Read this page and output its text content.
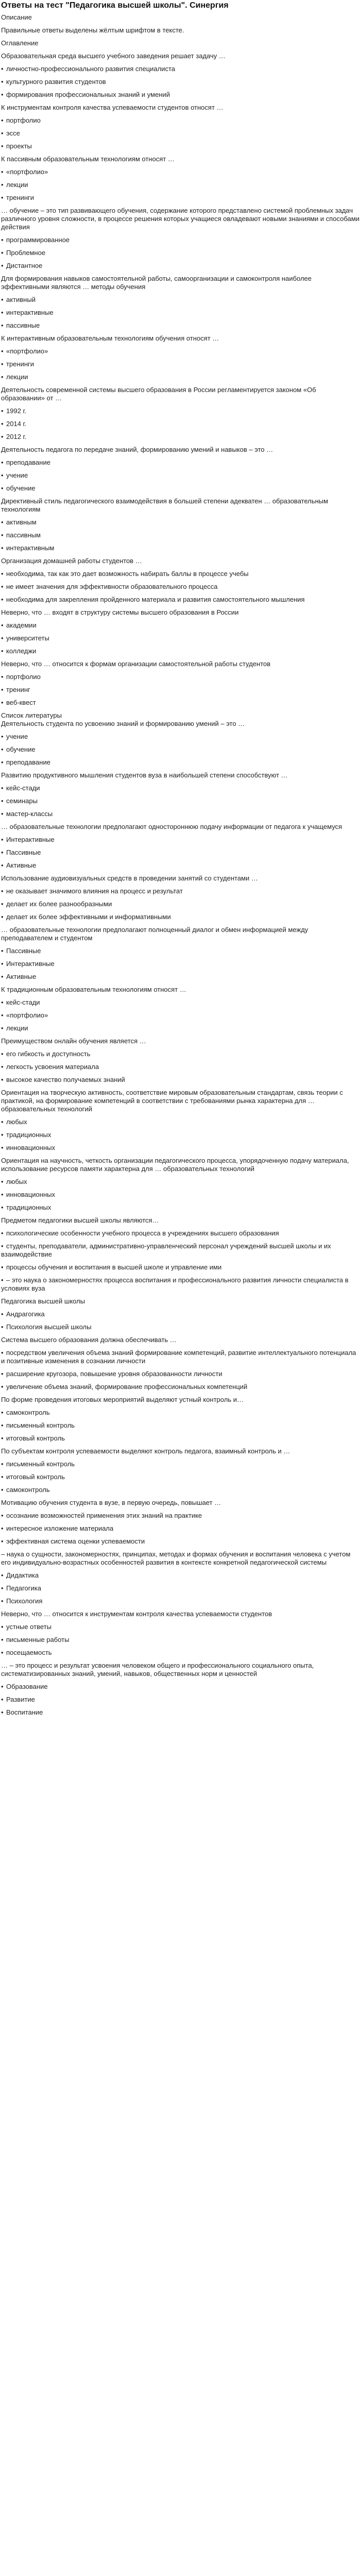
Ответы на тест "Педагогика высшей школы". Синергия

Описание

Правильные ответы выделены жёлтым шрифтом в тексте.

Оглавление

Образовательная среда высшего учебного заведения решает задачу …
• личностно-профессионального развития специалиста
• культурного развития студентов
• формирования профессиональных знаний и умений
К инструментам контроля качества успеваемости студентов относят …
• портфолио
• эссе
• проекты
К пассивным образовательным технологиям относят …
• «портфолио»
• лекции
• тренинги
… обучение – это тип развивающего обучения, содержание которого представлено системой проблемных задач различного уровня сложности, в процессе решения которых учащиеся овладевают новыми знаниями и способами действия
• программированное
• Проблемное
• Дистантное
Для формирования навыков самостоятельной работы, самоорганизации и самоконтроля наиболее эффективными являются … методы обучения
• активный
• интерактивные
• пассивные
К интерактивным образовательным технологиям обучения относят …
• «портфолио»
• тренинги
• лекции
Деятельность современной системы высшего образования в России регламентируется законом «Об образовании» от …
• 1992 г.
• 2014 г.
• 2012 г.
Деятельность педагога по передаче знаний, формированию умений и навыков – это …
• преподавание
• учение
• обучение
Директивный стиль педагогического взаимодействия в большей степени адекватен … образовательным технологиям
• активным
• пассивным
• интерактивным
Организация домашней работы студентов …
• необходима, так как это дает возможность набирать баллы в процессе учебы
• не имеет значения для эффективности образовательного процесса
• необходима для закрепления пройденного материала и развития самостоятельного мышления
Неверно, что … входят в структуру системы высшего образования в России
• академии
• университеты
• колледжи
Неверно, что … относится к формам организации самостоятельной работы студентов
• портфолио
• тренинг
• веб-квест
Список литературы
Деятельность студента по усвоению знаний и формированию умений – это …
• учение
• обучение
• преподавание
Развитию продуктивного мышления студентов вуза в наибольшей степени способствуют …
• кейс-стади
• семинары
• мастер-классы
… образовательные технологии предполагают одностороннюю подачу информации от педагога к учащемуся
• Интерактивные
• Пассивные
• Активные
Использование аудиовизуальных средств в проведении занятий со студентами …
• не оказывает значимого влияния на процесс и результат
• делает их более разнообразными
• делает их более эффективными и информативными
… образовательные технологии предполагают полноценный диалог и обмен информацией между преподавателем и студентом
• Пассивные
• Интерактивные
• Активные
К традиционным образовательным технологиям относят …
• кейс-стади
• «портфолио»
• лекции
Преимуществом онлайн обучения является …
• его гибкость и доступность
• легкость усвоения материала
• высокое качество получаемых знаний
Ориентация на творческую активность, соответствие мировым образовательным стандартам, связь теории с практикой, на формирование компетенций в соответствии с требованиями рынка характерна для … образовательных технологий
• любых
• традиционных
• инновационных
Ориентация на научность, четкость организации педагогического процесса, упорядоченную подачу материала, использование ресурсов памяти характерна для … образовательных технологий
• любых
• инновационных
• традиционных
Предметом педагогики высшей школы являются…
• психологические особенности учебного процесса в учреждениях высшего образования
• студенты, преподаватели, административно-управленческий персонал учреждений высшей школы и их взаимодействие
• процессы обучения и воспитания в высшей школе и управление ими
• – это наука о закономерностях процесса воспитания и профессионального развития личности специалиста в условиях вуза
Педагогика высшей школы
• Андрагогика
• Психология высшей школы
Система высшего образования должна обеспечивать …
• посредством увеличения объема знаний формирование компетенций, развитие интеллектуального потенциала и позитивные изменения в сознании личности
• расширение кругозора, повышение уровня образованности личности
• увеличение объема знаний, формирование профессиональных компетенций
По форме проведения итоговых мероприятий выделяют устный контроль и…
• самоконтроль
• письменный контроль
• итоговый контроль
По субъектам контроля успеваемости выделяют контроль педагога, взаимный контроль и …
• письменный контроль
• итоговый контроль
• самоконтроль
Мотивацию обучения студента в вузе, в первую очередь, повышает …
• осознание возможностей применения этих знаний на практике
• интересное изложение материала
• эффективная система оценки успеваемости
– наука о сущности, закономерностях, принципах, методах и формах обучения и воспитания человека с учетом его индивидуально-возрастных особенностей развития в контексте конкретной педагогической системы
• Дидактика
• Педагогика
• Психология
Неверно, что … относится к инструментам контроля качества успеваемости студентов
• устные ответы
• письменные работы
• посещаемость
… – это процесс и результат усвоения человеком общего и профессионального социального опыта, систематизированных знаний, умений, навыков, общественных норм и ценностей
• Образование
• Развитие
• Воспитание
